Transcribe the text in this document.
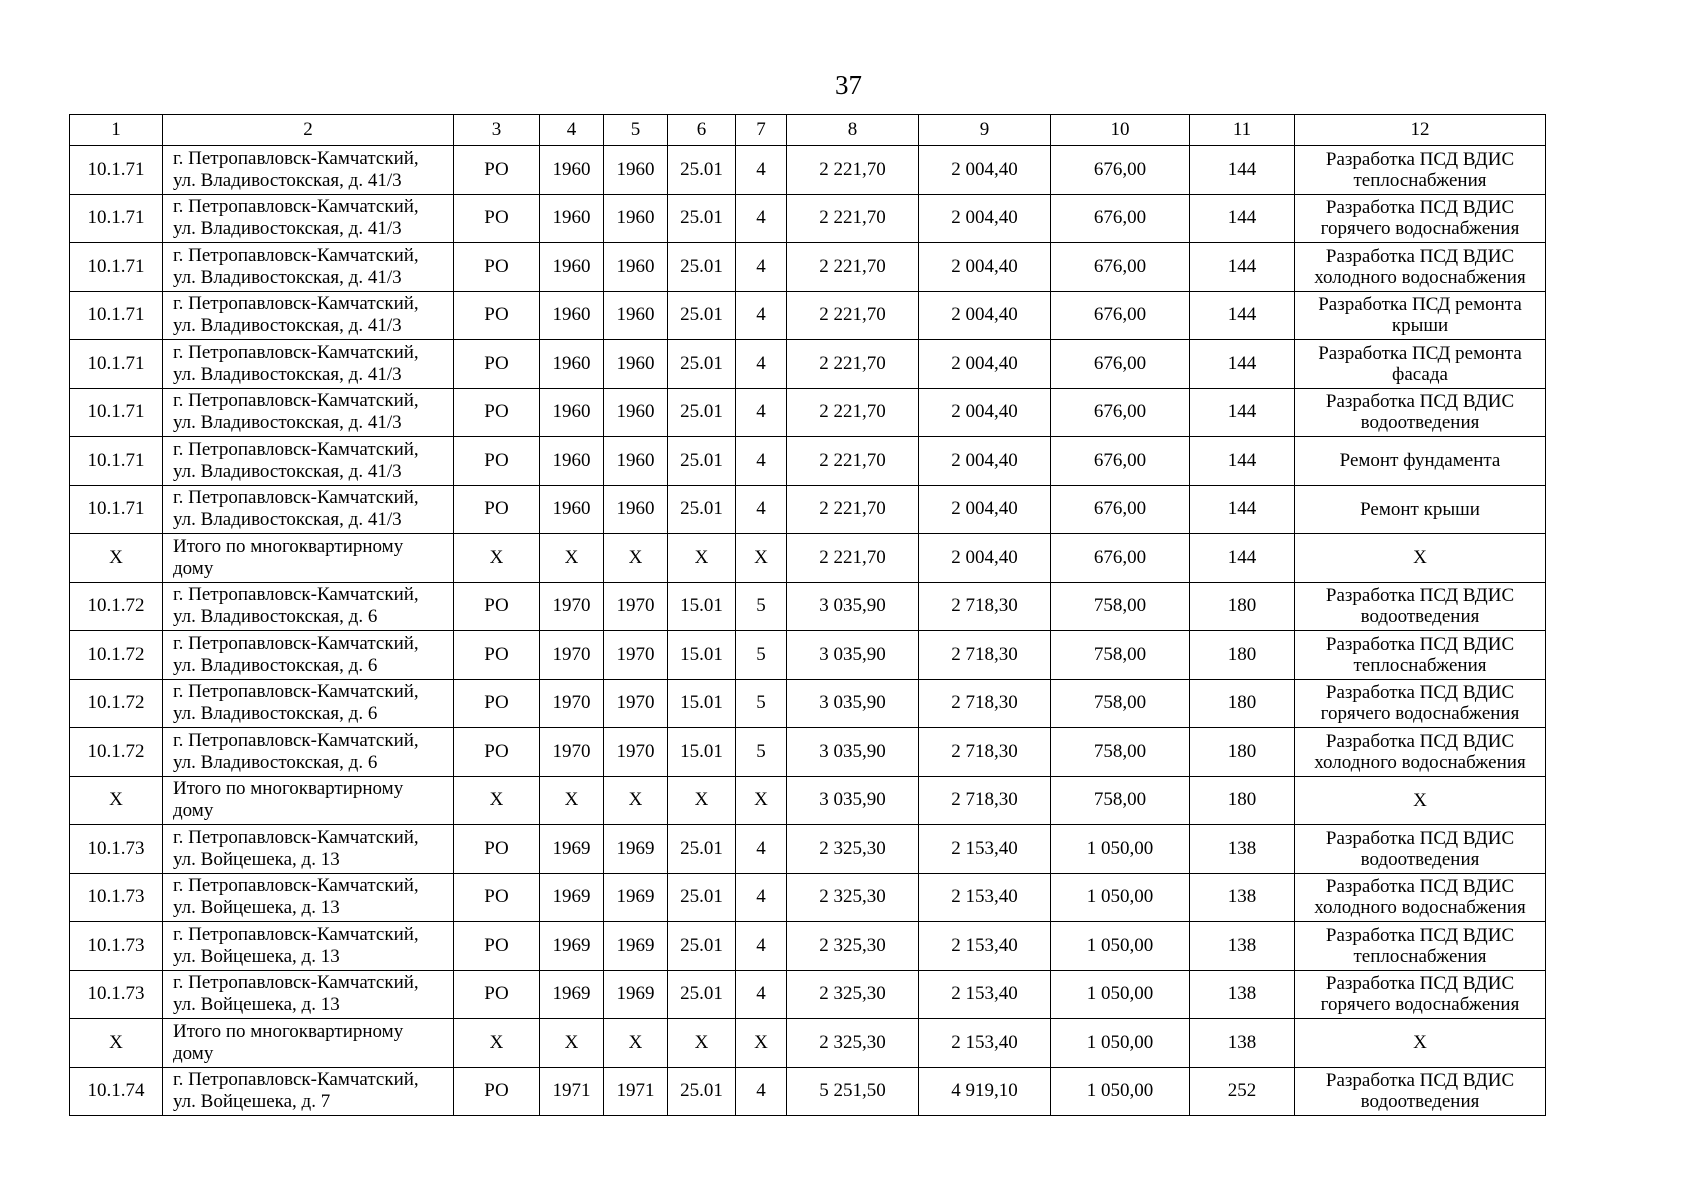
37
1	2	3	4	5	6	7	8	9	10	11	12
10.1.71	г. Петропавловск-Камчатский,
ул. Владивостокская, д. 41/3	РО	1960	1960	25.01	4	2 221,70	2 004,40	676,00	144	Разработка ПСД ВДИС
теплоснабжения

10.1.71	г. Петропавловск-Камчатский,
ул. Владивостокская, д. 41/3	РО	1960	1960	25.01	4	2 221,70	2 004,40	676,00	144	Разработка ПСД ВДИС
горячего водоснабжения

10.1.71	г. Петропавловск-Камчатский,
ул. Владивостокская, д. 41/3	РО	1960	1960	25.01	4	2 221,70	2 004,40	676,00	144	Разработка ПСД ВДИС
холодного водоснабжения

10.1.71	г. Петропавловск-Камчатский,
ул. Владивостокская, д. 41/3	РО	1960	1960	25.01	4	2 221,70	2 004,40	676,00	144	Разработка ПСД ремонта
крыши

10.1.71	г. Петропавловск-Камчатский,
ул. Владивостокская, д. 41/3	РО	1960	1960	25.01	4	2 221,70	2 004,40	676,00	144	Разработка ПСД ремонта
фасада

10.1.71	г. Петропавловск-Камчатский,
ул. Владивостокская, д. 41/3	РО	1960	1960	25.01	4	2 221,70	2 004,40	676,00	144	Разработка ПСД ВДИС
водоотведения

10.1.71	г. Петропавловск-Камчатский,
ул. Владивостокская, д. 41/3	РО	1960	1960	25.01	4	2 221,70	2 004,40	676,00	144	Ремонт фундамента

10.1.71	г. Петропавловск-Камчатский,
ул. Владивостокская, д. 41/3	РО	1960	1960	25.01	4	2 221,70	2 004,40	676,00	144	Ремонт крыши

X	Итого по многоквартирному
дому	X	X	X	X	X	2 221,70	2 004,40	676,00	144	X

10.1.72	г. Петропавловск-Камчатский,
ул. Владивостокская, д. 6	РО	1970	1970	15.01	5	3 035,90	2 718,30	758,00	180	Разработка ПСД ВДИС
водоотведения

10.1.72	г. Петропавловск-Камчатский,
ул. Владивостокская, д. 6	РО	1970	1970	15.01	5	3 035,90	2 718,30	758,00	180	Разработка ПСД ВДИС
теплоснабжения

10.1.72	г. Петропавловск-Камчатский,
ул. Владивостокская, д. 6	РО	1970	1970	15.01	5	3 035,90	2 718,30	758,00	180	Разработка ПСД ВДИС
горячего водоснабжения

10.1.72	г. Петропавловск-Камчатский,
ул. Владивостокская, д. 6	РО	1970	1970	15.01	5	3 035,90	2 718,30	758,00	180	Разработка ПСД ВДИС
холодного водоснабжения

X	Итого по многоквартирному
дому	X	X	X	X	X	3 035,90	2 718,30	758,00	180	X

10.1.73	г. Петропавловск-Камчатский,
ул. Войцешека, д. 13	РО	1969	1969	25.01	4	2 325,30	2 153,40	1 050,00	138	Разработка ПСД ВДИС
водоотведения

10.1.73	г. Петропавловск-Камчатский,
ул. Войцешека, д. 13	РО	1969	1969	25.01	4	2 325,30	2 153,40	1 050,00	138	Разработка ПСД ВДИС
холодного водоснабжения

10.1.73	г. Петропавловск-Камчатский,
ул. Войцешека, д. 13	РО	1969	1969	25.01	4	2 325,30	2 153,40	1 050,00	138	Разработка ПСД ВДИС
теплоснабжения

10.1.73	г. Петропавловск-Камчатский,
ул. Войцешека, д. 13	РО	1969	1969	25.01	4	2 325,30	2 153,40	1 050,00	138	Разработка ПСД ВДИС
горячего водоснабжения

X	Итого по многоквартирному
дому	X	X	X	X	X	2 325,30	2 153,40	1 050,00	138	X

10.1.74	г. Петропавловск-Камчатский,
ул. Войцешека, д. 7	РО	1971	1971	25.01	4	5 251,50	4 919,10	1 050,00	252	Разработка ПСД ВДИС
водоотведения
